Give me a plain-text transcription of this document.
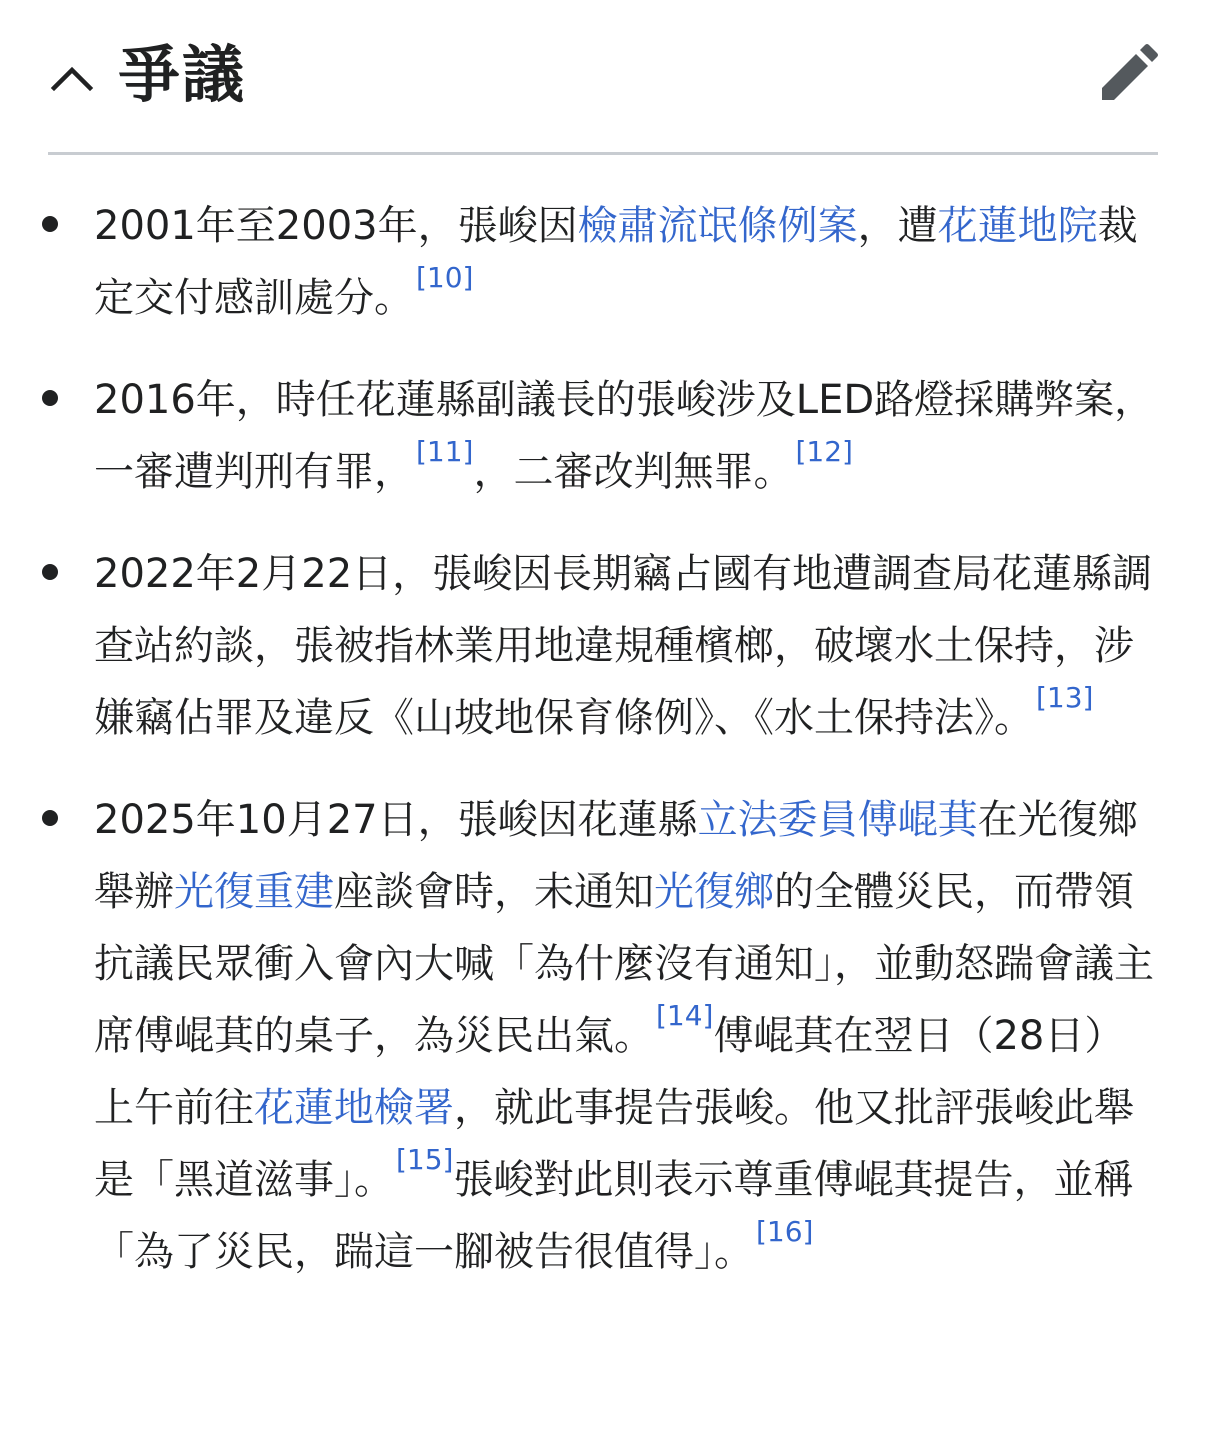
爭議
2001年至2003年，張峻因檢肅流氓條例案，遭花蓮地院裁定交付感訓處分。[10]
2016年，時任花蓮縣副議長的張峻涉及LED路燈採購弊案，一審遭判刑有罪，[11]，二審改判無罪。[12]
2022年2月22日，張峻因長期竊占國有地遭調查局花蓮縣調查站約談，張被指林業用地違規種檳榔，破壞水土保持，涉嫌竊佔罪及違反《山坡地保育條例》、《水土保持法》。[13]
2025年10月27日，張峻因花蓮縣立法委員傅崐萁在光復鄉舉辦光復重建座談會時，未通知光復鄉的全體災民，而帶領抗議民眾衝入會內大喊「為什麼沒有通知」，並動怒踹會議主席傅崐萁的桌子，為災民出氣。[14]傅崐萁在翌日（28日）上午前往花蓮地檢署，就此事提告張峻。他又批評張峻此舉是「黑道滋事」。[15]張峻對此則表示尊重傅崐萁提告，並稱「為了災民，踹這一腳被告很值得」。[16]
